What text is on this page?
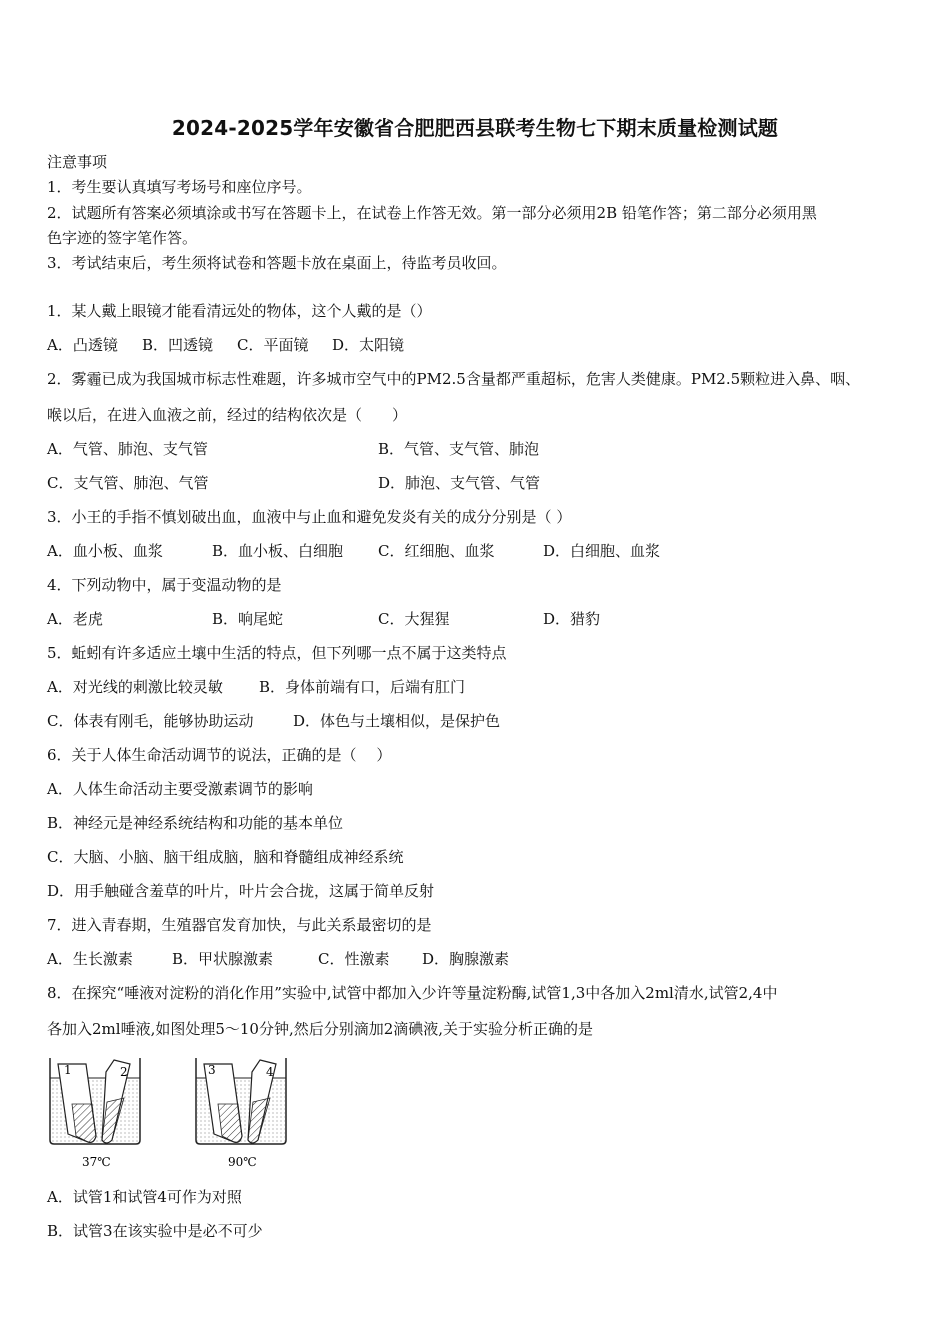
2024-2025学年安徽省合肥肥西县联考生物七下期末质量检测试题
注意事项
1．考生要认真填写考场号和座位序号。
2．试题所有答案必须填涂或书写在答题卡上，在试卷上作答无效。第一部分必须用2B 铅笔作答；第二部分必须用黑
色字迹的签字笔作答。
3．考试结束后，考生须将试卷和答题卡放在桌面上，待监考员收回。
1．某人戴上眼镜才能看清远处的物体，这个人戴的是（）
A．凸透镜 B．凹透镜 C．平面镜 D．太阳镜
2．雾霾已成为我国城市标志性难题，许多城市空气中的PM2.5含量都严重超标，危害人类健康。PM2.5颗粒进入鼻、咽、
喉以后，在进入血液之前，经过的结构依次是（　　）
A．气管、肺泡、支气管	B．气管、支气管、肺泡
C．支气管、肺泡、气管	D．肺泡、支气管、气管
3．小王的手指不慎划破出血，血液中与止血和避免发炎有关的成分分别是（ ）
A．血小板、血浆	B．血小板、白细胞 C．红细胞、血浆	D．白细胞、血浆
4．下列动物中，属于变温动物的是
A．老虎	B．响尾蛇	C．大猩猩	D．猎豹
5．蚯蚓有许多适应土壤中生活的特点，但下列哪一点不属于这类特点
A．对光线的刺激比较灵敏 B．身体前端有口，后端有肛门
C．体表有刚毛，能够协助运动	D．体色与土壤相似，是保护色
6．关于人体生命活动调节的说法，正确的是（　 ）
A．人体生命活动主要受激素调节的影响
B．神经元是神经系统结构和功能的基本单位
C．大脑、小脑、脑干组成脑，脑和脊髓组成神经系统
D．用手触碰含羞草的叶片，叶片会合拢，这属于简单反射
7．进入青春期，生殖器官发育加快，与此关系最密切的是
A．生长激素	B．甲状腺激素	C．性激素 D．胸腺激素
8．在探究“唾液对淀粉的消化作用”实验中,试管中都加入少许等量淀粉酶,试管1,3中各加入2ml清水,试管2,4中
各加入2ml唾液,如图处理5～10分钟,然后分别滴加2滴碘液,关于实验分析正确的是
1	2
37℃
3	4
90℃
A．试管1和试管4可作为对照
B．试管3在该实验中是必不可少
